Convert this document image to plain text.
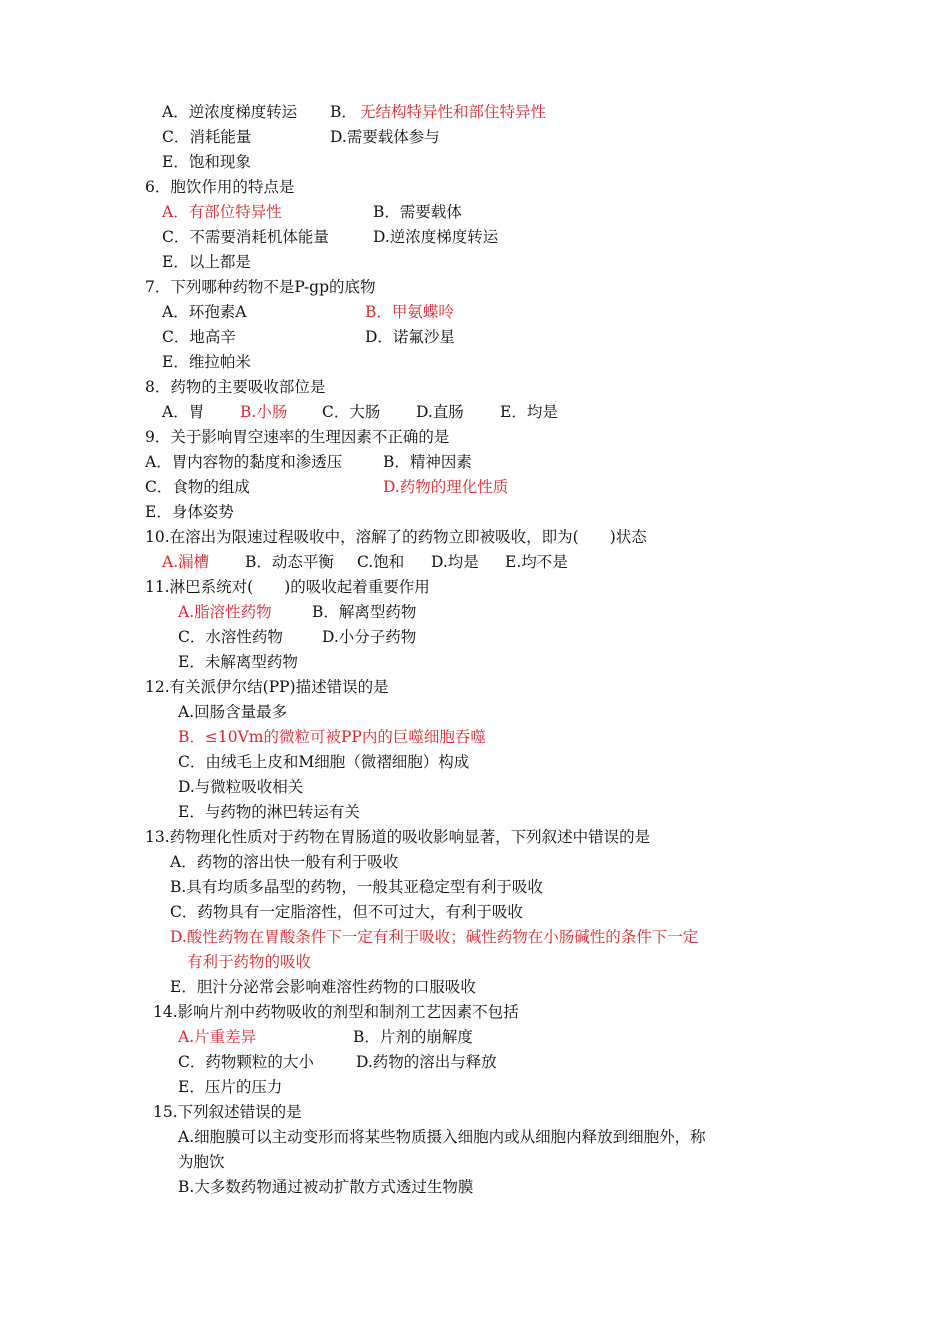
A．逆浓度梯度转运 B． 无结构特异性和部住特异性
C．消耗能量	D.需要载体参与
E．饱和现象
6．胞饮作用的特点是
A．有部位特异性	B．需要载体
C．不需要消耗机体能量	D.逆浓度梯度转运
E．以上都是
7．下列哪种药物不是P-gp的底物
A．环孢素A	B．甲氨蝶呤
C．地高辛	D．诺氟沙星
E．维拉帕米
8．药物的主要吸收部位是
A．胃 B.小肠 C．大肠 D.直肠 E．均是
9．关于影响胃空速率的生理因素不正确的是
A．胃内容物的黏度和渗透压	B．精神因素
C．食物的组成	D.药物的理化性质
E．身体姿势
10.在溶出为限速过程吸收中，溶解了的药物立即被吸收，即为(　　)状态
A.漏槽 B．动态平衡 C.饱和 D.均是 E.均不是
11.淋巴系统对(　　)的吸收起着重要作用
A.脂溶性药物	B．解离型药物
C．水溶性药物	D.小分子药物
E．未解离型药物
12.有关派伊尔结(PP)描述错误的是
A.回肠含量最多
B．≤10Vm的微粒可被PP内的巨噬细胞吞噬
C．由绒毛上皮和M细胞（微褶细胞）构成
D.与微粒吸收相关
E．与药物的淋巴转运有关
13.药物理化性质对于药物在胃肠道的吸收影响显著，下列叙述中错误的是
A．药物的溶出快一般有利于吸收
B.具有均质多晶型的药物，一般其亚稳定型有利于吸收
C．药物具有一定脂溶性，但不可过大，有利于吸收
D.酸性药物在胃酸条件下一定有利于吸收；碱性药物在小肠碱性的条件下一定
有利于药物的吸收
E．胆汁分泌常会影响难溶性药物的口服吸收
14.影响片剂中药物吸收的剂型和制剂工艺因素不包括
A.片重差异	B．片剂的崩解度
C．药物颗粒的大小	D.药物的溶出与释放
E．压片的压力
15.下列叙述错误的是
A.细胞膜可以主动变形而将某些物质摄入细胞内或从细胞内释放到细胞外，称
为胞饮
B.大多数药物通过被动扩散方式透过生物膜
